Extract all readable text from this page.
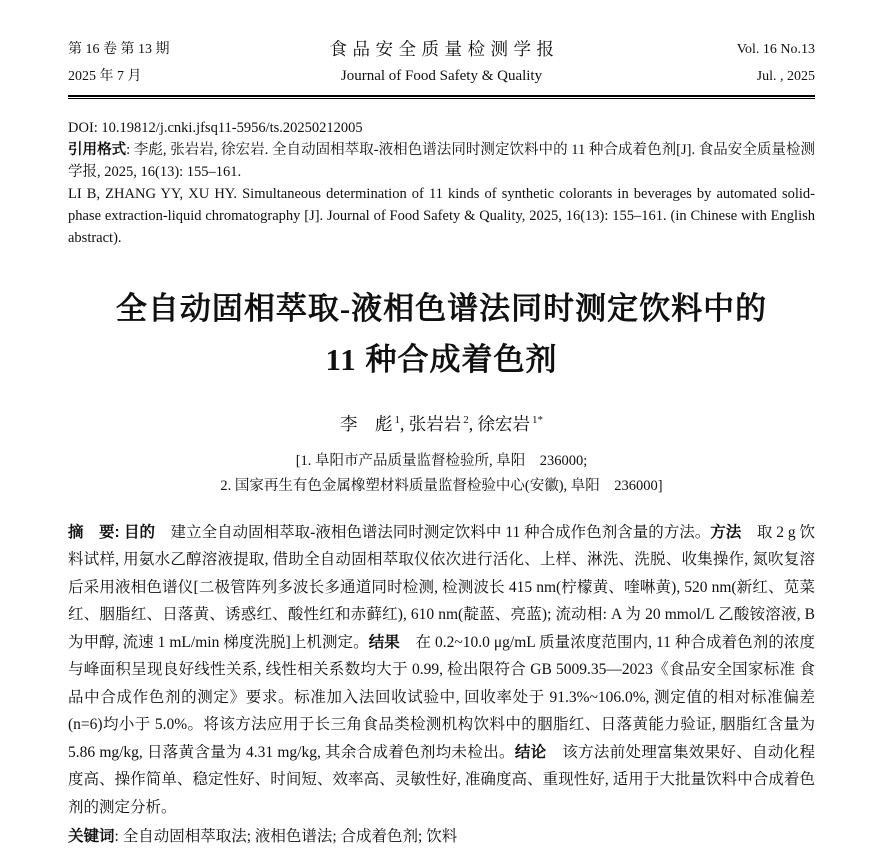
第 16 卷 第 13 期
2025 年 7 月
食品安全质量检测学报
Journal of Food Safety & Quality
Vol. 16 No.13
Jul. , 2025

DOI: 10.19812/j.cnki.jfsq11-5956/ts.20250212005

引用格式: 李彪, 张岩岩, 徐宏岩. 全自动固相萃取-液相色谱法同时测定饮料中的 11 种合成着色剂[J]. 食品安全质量检测学报, 2025, 16(13): 155–161.

LI B, ZHANG YY, XU HY. Simultaneous determination of 11 kinds of synthetic colorants in beverages by automated solid-phase extraction-liquid chromatography [J]. Journal of Food Safety & Quality, 2025, 16(13): 155–161. (in Chinese with English abstract).

全自动固相萃取-液相色谱法同时测定饮料中的
11 种合成着色剂
李　彪 $^1$, 张岩岩 $^2$, 徐宏岩 $^{1*}$
[1. 阜阳市产品质量监督检验所, 阜阳　236000;
2. 国家再生有色金属橡塑材料质量监督检验中心(安徽), 阜阳　236000]

摘　要: 目的　建立全自动固相萃取-液相色谱法同时测定饮料中 11 种合成作色剂含量的方法。方法　取 2 g 饮料试样, 用氨水乙醇溶液提取, 借助全自动固相萃取仪依次进行活化、上样、淋洗、洗脱、收集操作, 氮吹复溶后采用液相色谱仪[二极管阵列多波长多通道同时检测, 检测波长 415 nm(柠檬黄、喹啉黄), 520 nm(新红、苋菜红、胭脂红、日落黄、诱惑红、酸性红和赤藓红), 610 nm(靛蓝、亮蓝); 流动相: A 为 20 mmol/L 乙酸铵溶液, B 为甲醇, 流速 1 mL/min 梯度洗脱]上机测定。结果　在 0.2~10.0 μg/mL 质量浓度范围内, 11 种合成着色剂的浓度与峰面积呈现良好线性关系, 线性相关系数均大于 0.99, 检出限符合 GB 5009.35—2023《食品安全国家标准 食品中合成作色剂的测定》要求。标准加入法回收试验中, 回收率处于 91.3%~106.0%, 测定值的相对标准偏差(n=6)均小于 5.0%。将该方法应用于长三角食品类检测机构饮料中的胭脂红、日落黄能力验证, 胭脂红含量为 5.86 mg/kg, 日落黄含量为 4.31 mg/kg, 其余合成着色剂均未检出。结论　该方法前处理富集效果好、自动化程度高、操作简单、稳定性好、时间短、效率高、灵敏性好, 准确度高、重现性好, 适用于大批量饮料中合成着色剂的测定分析。

关键词: 全自动固相萃取法; 液相色谱法; 合成着色剂; 饮料
